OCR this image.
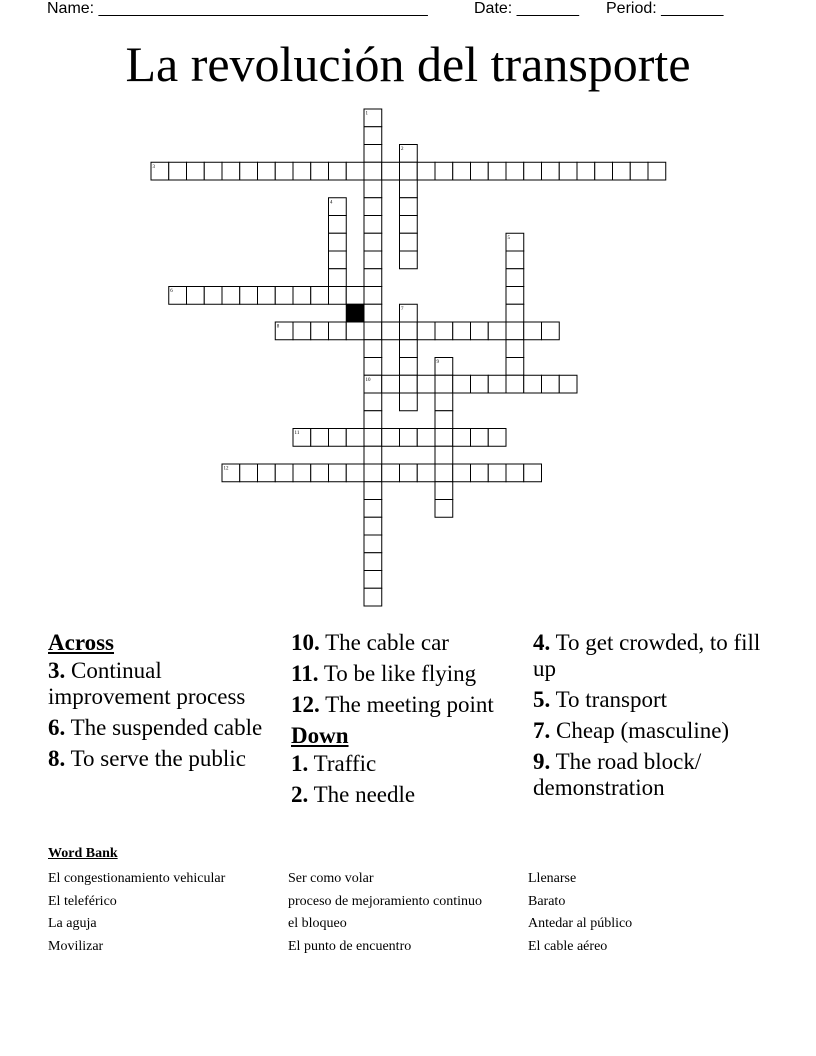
Name: _____________________________________	Date: _______ Period: _______
La revolución del transporte
1
10
2
3
4
5
6
7
8
9
11
12
Across
3. Continual improvement process
6. The suspended cable
8. To serve the public
10. The cable car
11. To be like flying
12. The meeting point
Down
1. Traffic
2. The needle
4. To get crowded, to fill up
5. To transport
7. Cheap (masculine)
9. The road block/ demonstration
Word Bank
El congestionamiento vehicular
El teleférico
La aguja
Movilizar
Ser como volar
proceso de mejoramiento continuo
el bloqueo
El punto de encuentro
Llenarse
Barato
Antedar al público
El cable aéreo
